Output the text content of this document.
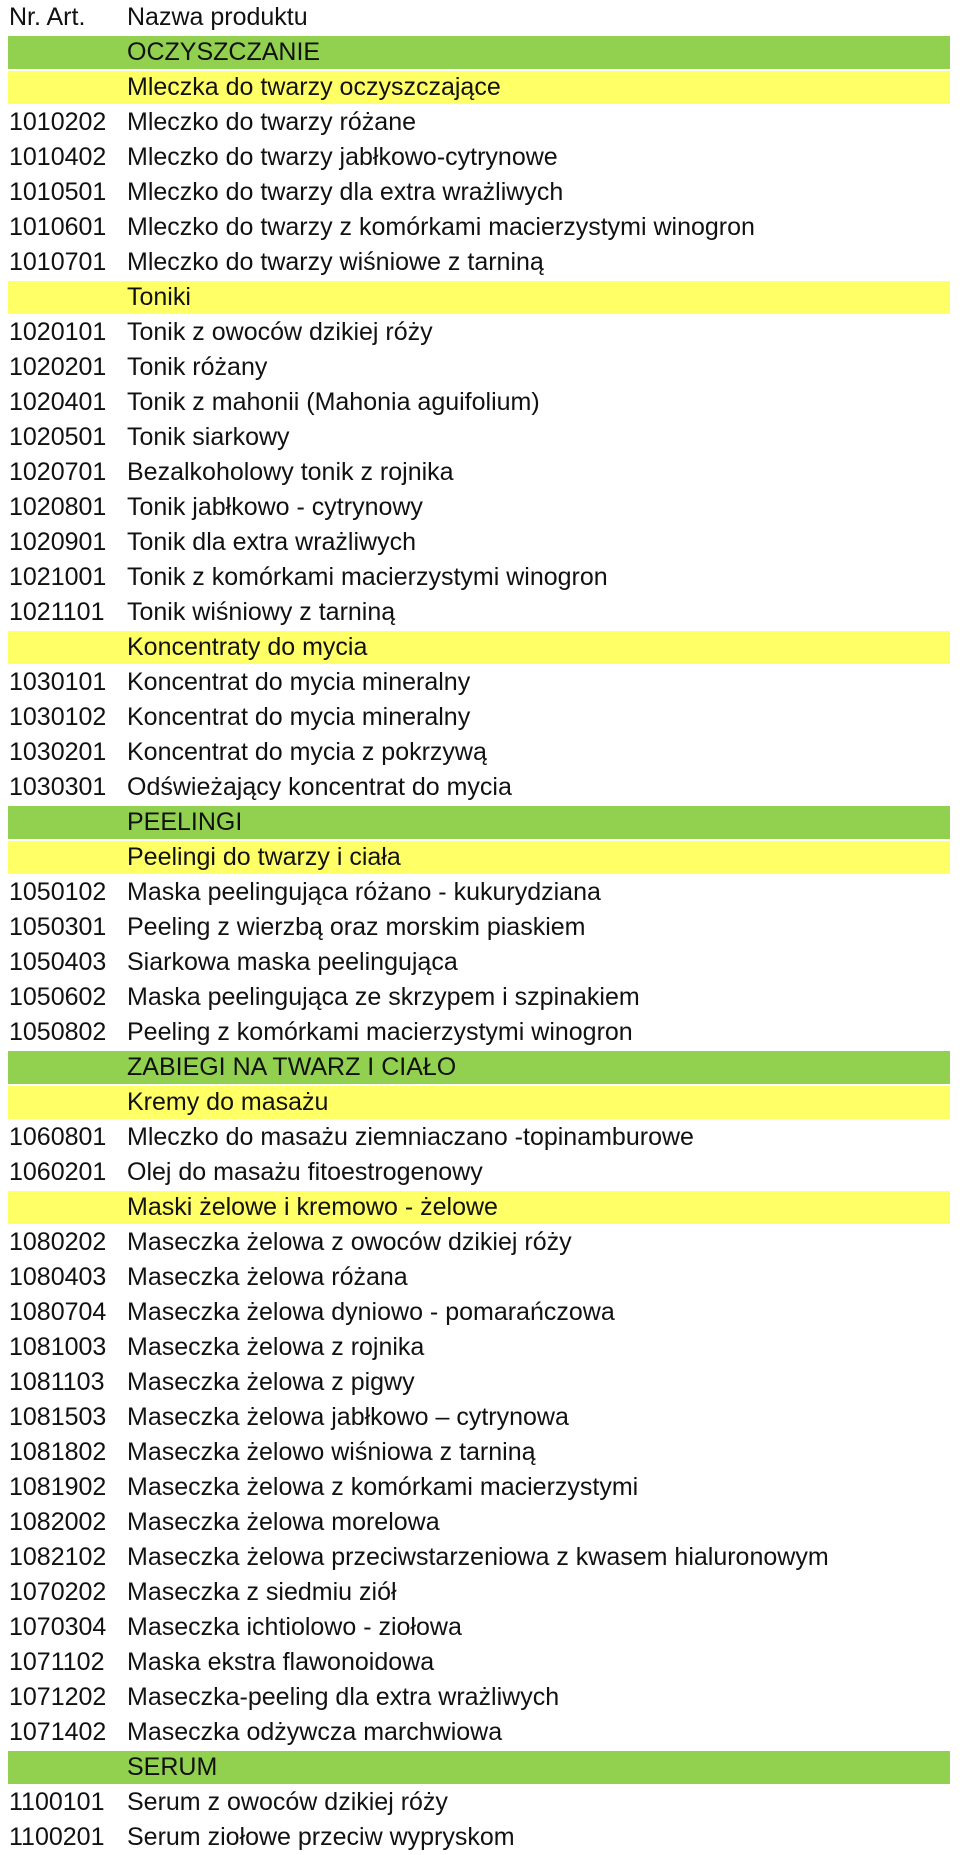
Nr. Art.	Nazwa produktu
OCZYSZCZANIE
Mleczka do twarzy oczyszczające
1010202 Mleczko do twarzy różane
1010402 Mleczko do twarzy jabłkowo-cytrynowe
1010501 Mleczko do twarzy dla extra wrażliwych
1010601 Mleczko do twarzy z komórkami macierzystymi winogron
1010701 Mleczko do twarzy wiśniowe z tarniną
Toniki
1020101 Tonik z owoców dzikiej róży
1020201 Tonik różany
1020401 Tonik z mahonii (Mahonia aguifolium)
1020501 Tonik siarkowy
1020701 Bezalkoholowy tonik z rojnika
1020801 Tonik jabłkowo - cytrynowy
1020901 Tonik dla extra wrażliwych
1021001 Tonik z komórkami macierzystymi winogron
1021101 Tonik wiśniowy z tarniną
Koncentraty do mycia
1030101 Koncentrat do mycia mineralny
1030102 Koncentrat do mycia mineralny
1030201 Koncentrat do mycia z pokrzywą
1030301 Odświeżający koncentrat do mycia
PEELINGI
Peelingi do twarzy i ciała
1050102 Maska peelingująca różano - kukurydziana
1050301 Peeling z wierzbą oraz morskim piaskiem
1050403 Siarkowa maska peelingująca
1050602 Maska peelingująca ze skrzypem i szpinakiem
1050802 Peeling z komórkami macierzystymi winogron
ZABIEGI NA TWARZ I CIAŁO
Kremy do masażu
1060801 Mleczko do masażu ziemniaczano -topinamburowe
1060201 Olej do masażu fitoestrogenowy
Maski żelowe i kremowo - żelowe
1080202 Maseczka żelowa z owoców dzikiej róży
1080403 Maseczka żelowa różana
1080704 Maseczka żelowa dyniowo - pomarańczowa
1081003 Maseczka żelowa z rojnika
1081103 Maseczka żelowa z pigwy
1081503 Maseczka żelowa jabłkowo – cytrynowa
1081802 Maseczka żelowo wiśniowa z tarniną
1081902 Maseczka żelowa z komórkami macierzystymi
1082002 Maseczka żelowa morelowa
1082102 Maseczka żelowa przeciwstarzeniowa z kwasem hialuronowym
1070202 Maseczka z siedmiu ziół
1070304 Maseczka ichtiolowo - ziołowa
1071102 Maska ekstra flawonoidowa
1071202 Maseczka-peeling dla extra wrażliwych
1071402 Maseczka odżywcza marchwiowa
SERUM
1100101 Serum z owoców dzikiej róży
1100201 Serum ziołowe przeciw wypryskom
